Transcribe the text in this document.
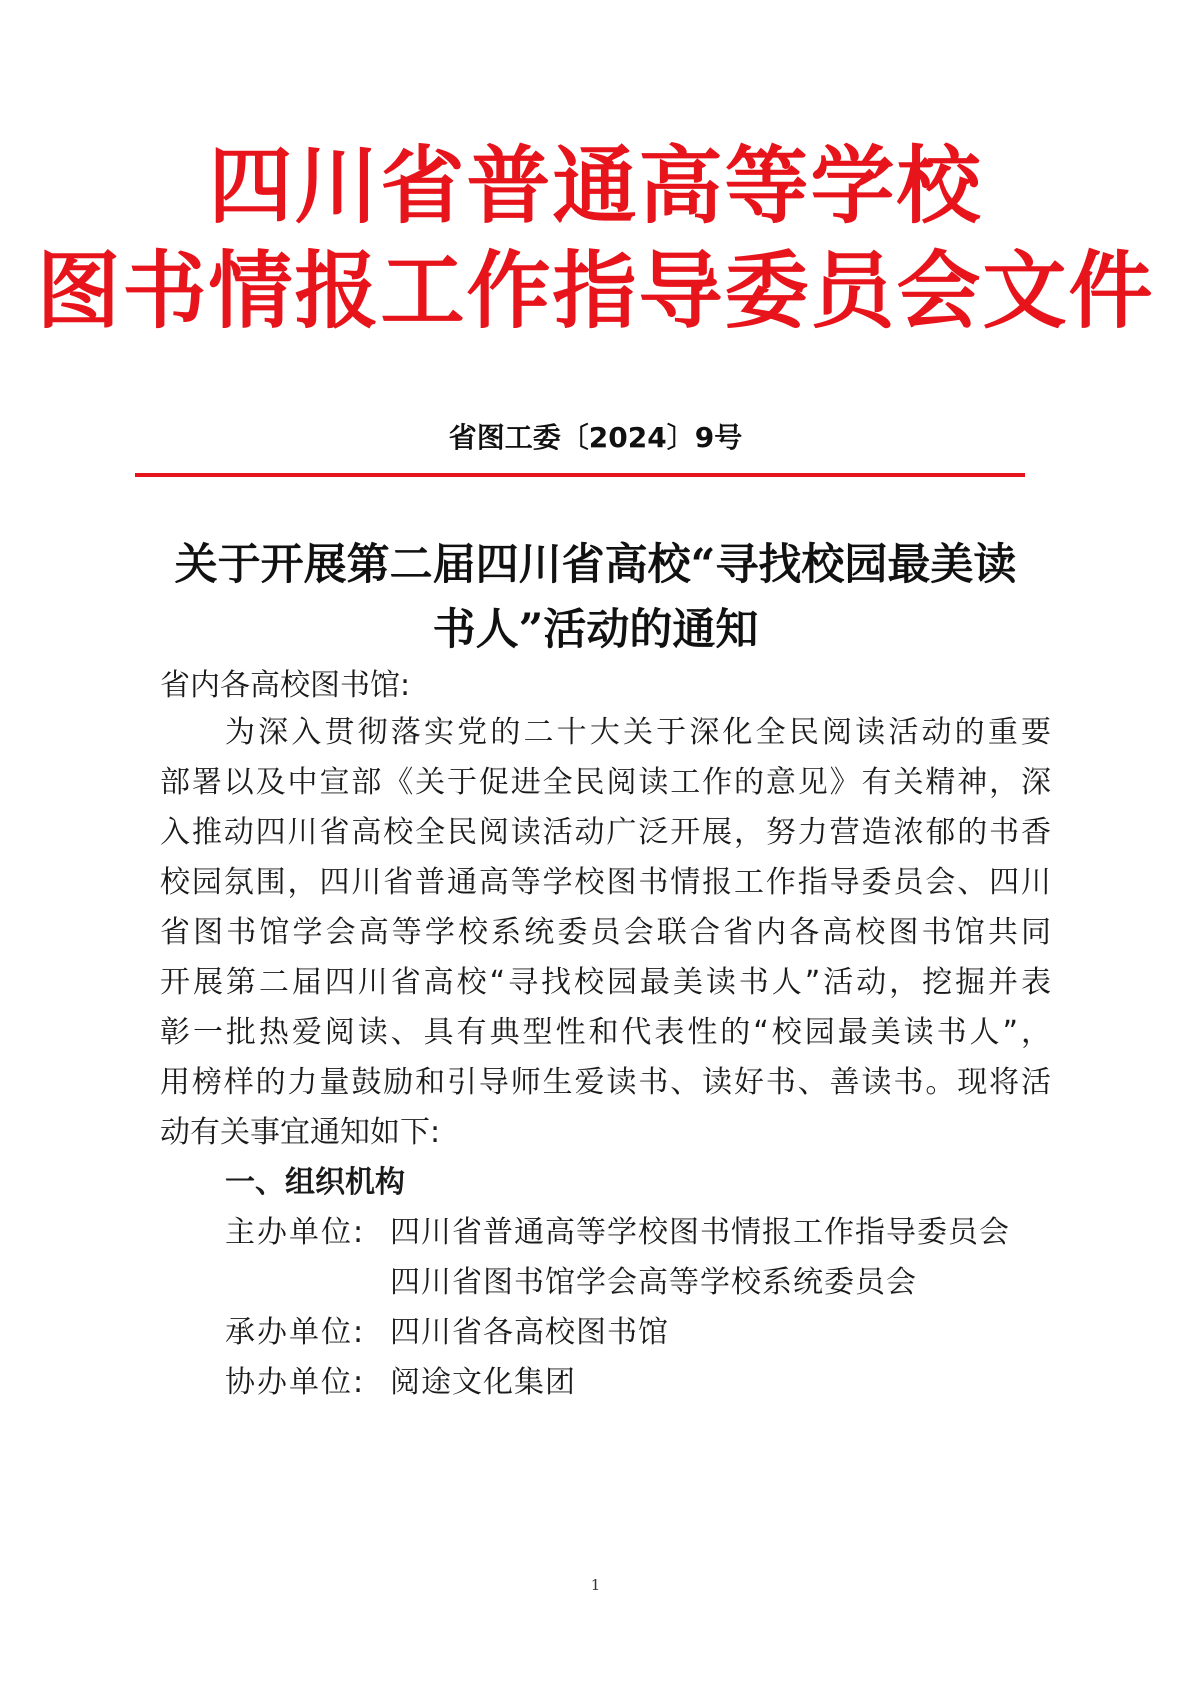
四川省普通高等学校
图书情报工作指导委员会文件
省图工委〔2024〕9号
关于开展第二届四川省高校“寻找校园最美读
书人”活动的通知
省内各高校图书馆:
为深入贯彻落实党的二十大关于深化全民阅读活动的重要
部署以及中宣部《关于促进全民阅读工作的意见》有关精神，深
入推动四川省高校全民阅读活动广泛开展，努力营造浓郁的书香
校园氛围，四川省普通高等学校图书情报工作指导委员会、四川
省图书馆学会高等学校系统委员会联合省内各高校图书馆共同
开展第二届四川省高校“寻找校园最美读书人”活动，挖掘并表
彰一批热爱阅读、具有典型性和代表性的“校园最美读书人”，
用榜样的力量鼓励和引导师生爱读书、读好书、善读书。现将活
动有关事宜通知如下:
一、组织机构
主办单位: 四川省普通高等学校图书情报工作指导委员会
四川省图书馆学会高等学校系统委员会
承办单位: 四川省各高校图书馆
协办单位: 阅途文化集团
1
